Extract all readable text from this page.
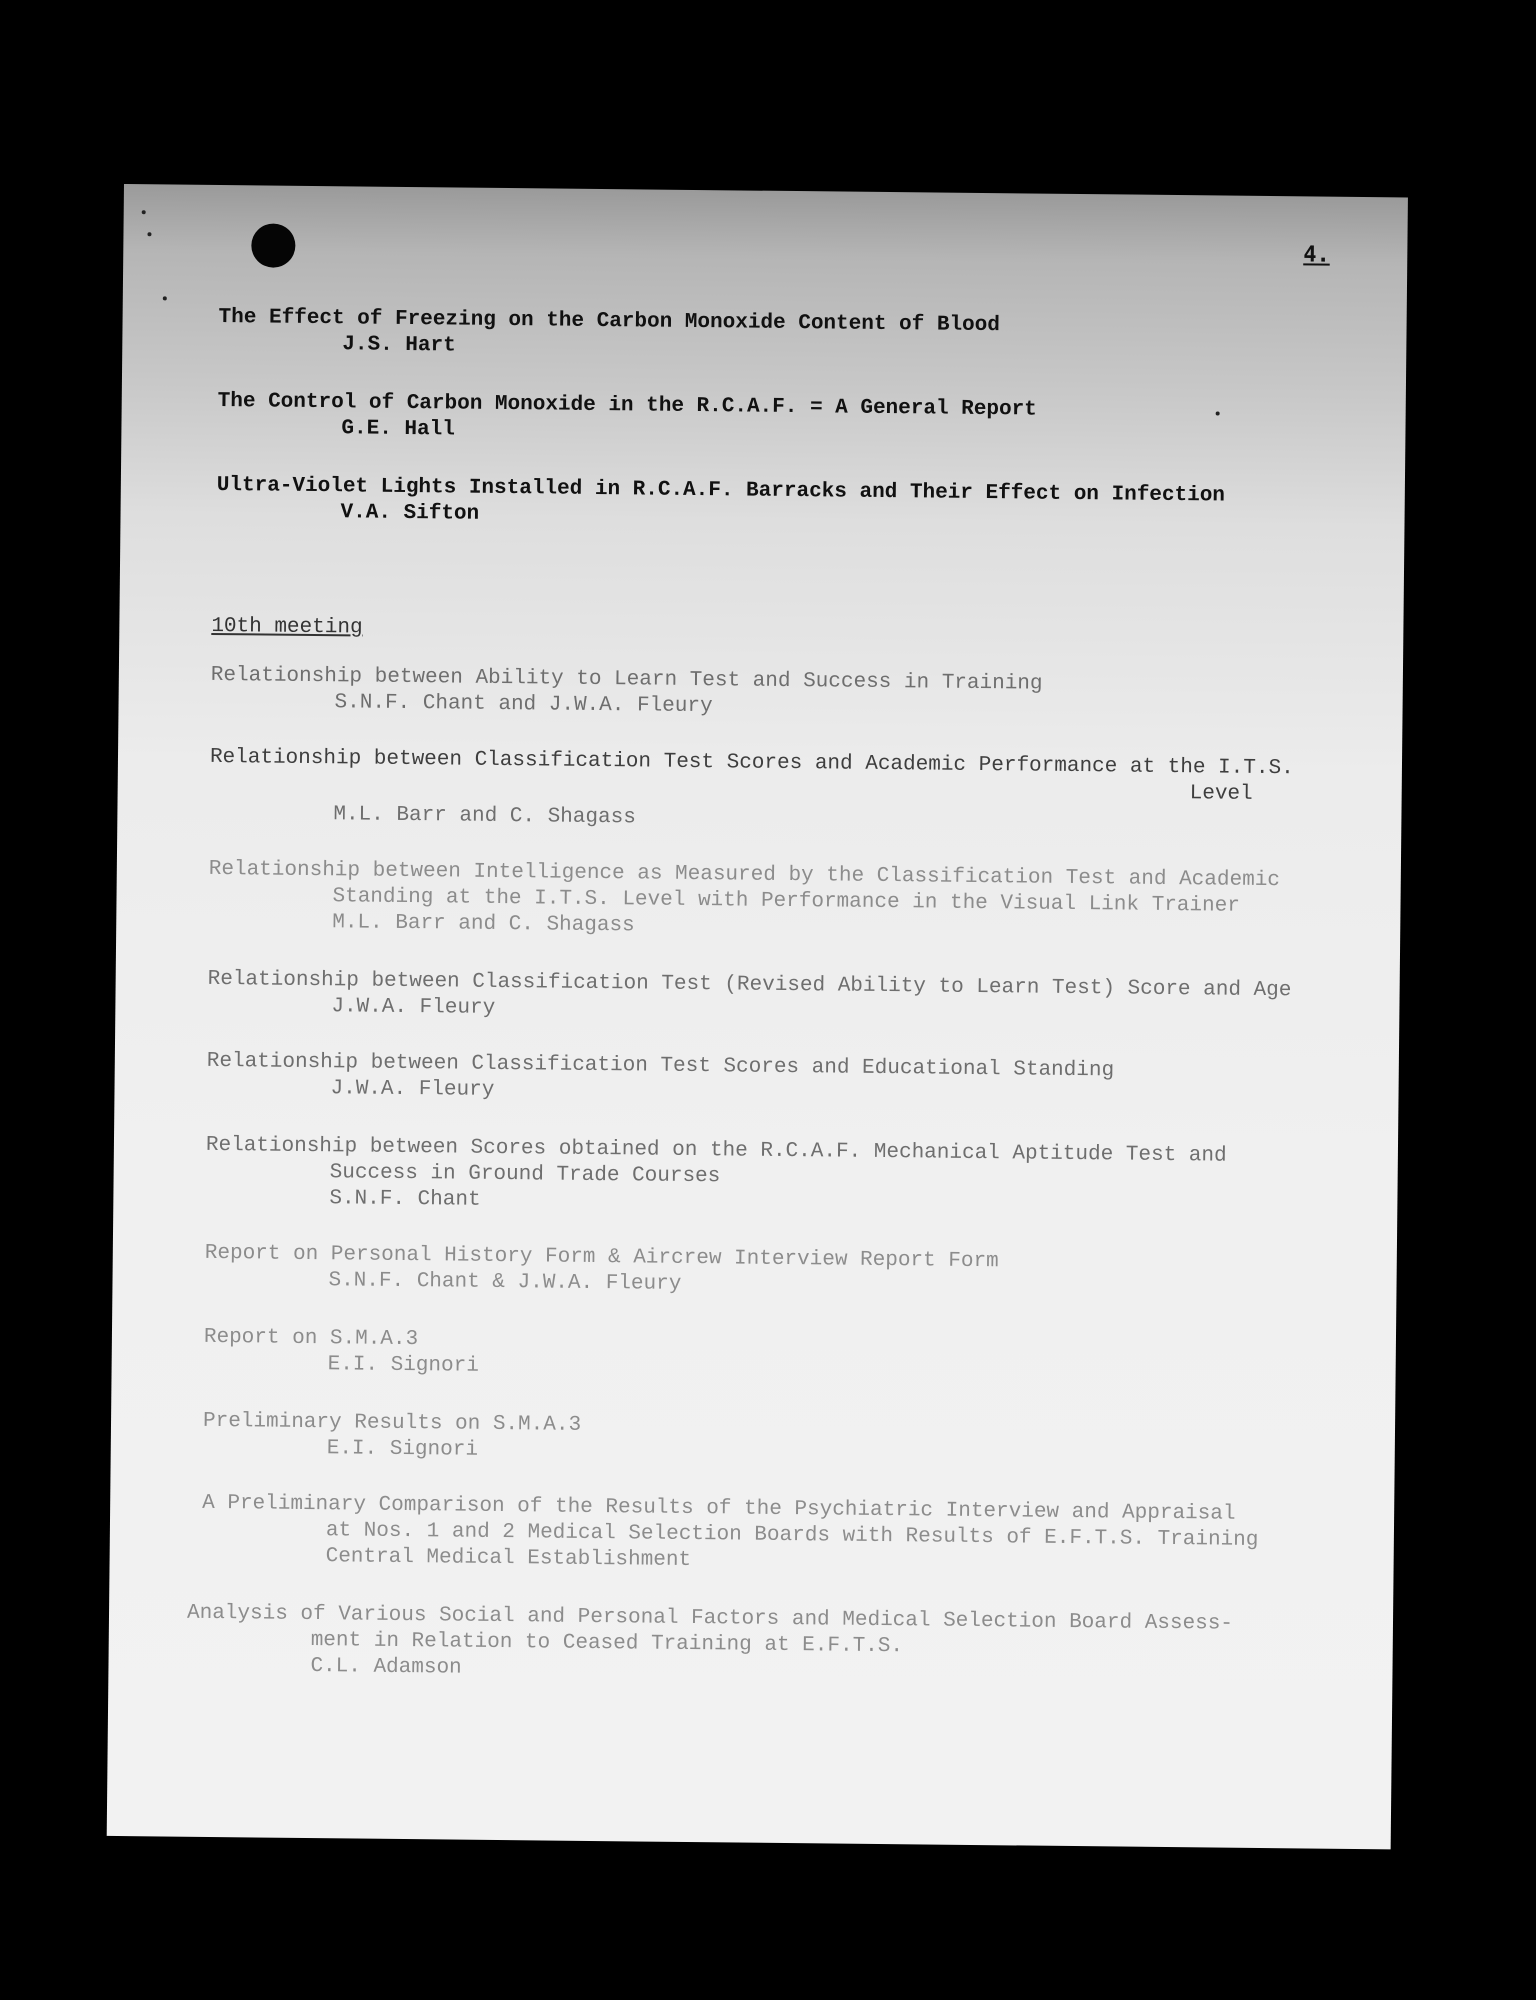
4.
The Effect of Freezing on the Carbon Monoxide Content of Blood
J.S. Hart
The Control of Carbon Monoxide in the R.C.A.F. = A General Report
G.E. Hall
Ultra-Violet Lights Installed in R.C.A.F. Barracks and Their Effect on Infection
V.A. Sifton
10th meeting
Relationship between Ability to Learn Test and Success in Training
S.N.F. Chant and J.W.A. Fleury
Relationship between Classification Test Scores and Academic Performance at the I.T.S.
Level
M.L. Barr and C. Shagass
Relationship between Intelligence as Measured by the Classification Test and Academic
Standing at the I.T.S. Level with Performance in the Visual Link Trainer
M.L. Barr and C. Shagass
Relationship between Classification Test (Revised Ability to Learn Test) Score and Age
J.W.A. Fleury
Relationship between Classification Test Scores and Educational Standing
J.W.A. Fleury
Relationship between Scores obtained on the R.C.A.F. Mechanical Aptitude Test and
Success in Ground Trade Courses
S.N.F. Chant
Report on Personal History Form & Aircrew Interview Report Form
S.N.F. Chant & J.W.A. Fleury
Report on S.M.A.3
E.I. Signori
Preliminary Results on S.M.A.3
E.I. Signori
A Preliminary Comparison of the Results of the Psychiatric Interview and Appraisal
at Nos. 1 and 2 Medical Selection Boards with Results of E.F.T.S. Training
Central Medical Establishment
Analysis of Various Social and Personal Factors and Medical Selection Board Assess-
ment in Relation to Ceased Training at E.F.T.S.
C.L. Adamson
